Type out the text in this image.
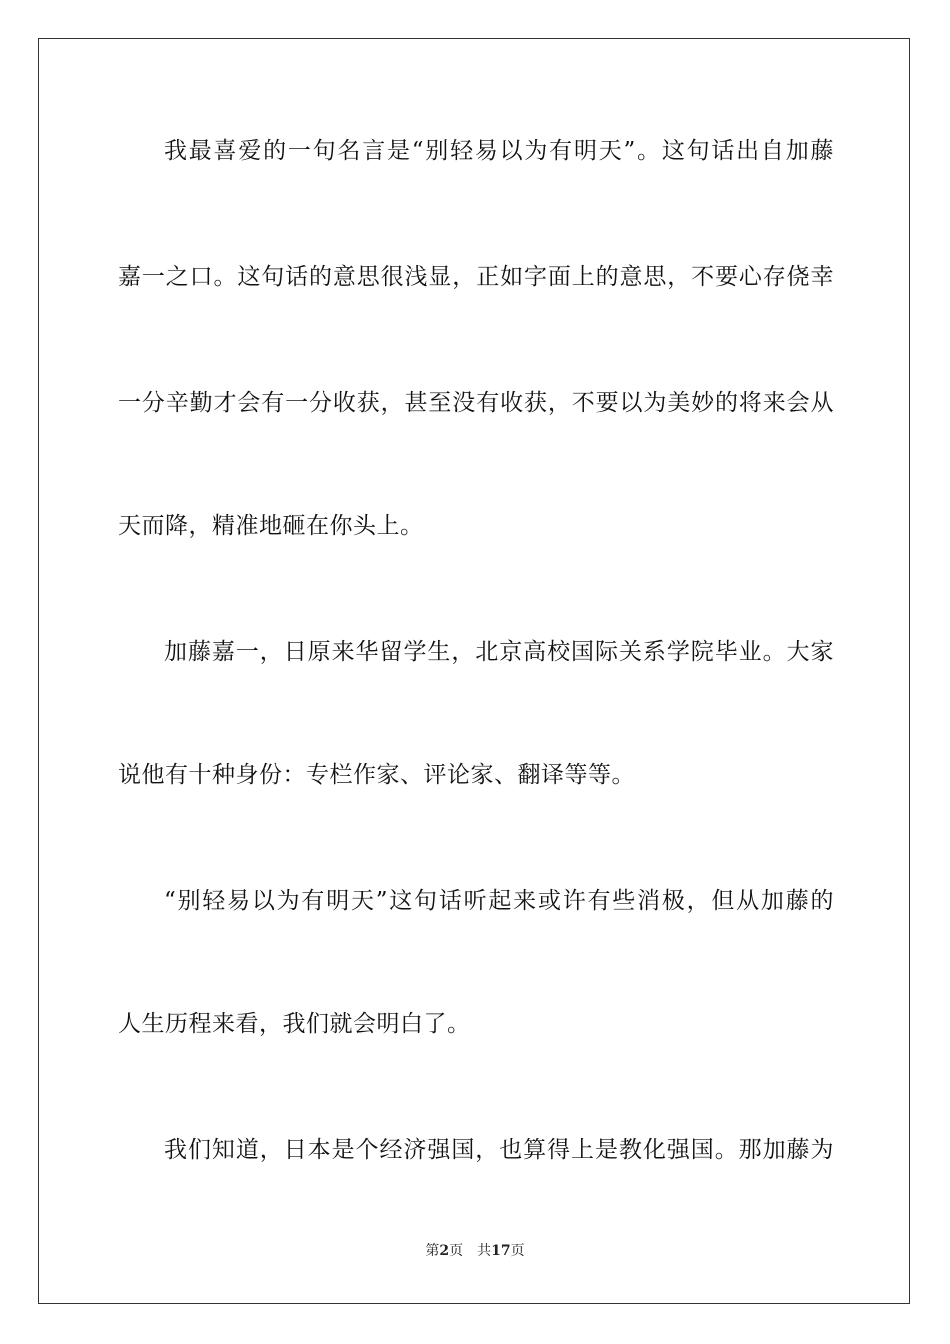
我最喜爱的一句名言是“别轻易以为有明天”。这句话出自加藤
嘉一之口。这句话的意思很浅显，正如字面上的意思，不要心存侥幸
一分辛勤才会有一分收获，甚至没有收获，不要以为美妙的将来会从
天而降，精准地砸在你头上。
加藤嘉一，日原来华留学生，北京高校国际关系学院毕业。大家
说他有十种身份：专栏作家、评论家、翻译等等。
“别轻易以为有明天”这句话听起来或许有些消极，但从加藤的
人生历程来看，我们就会明白了。
我们知道，日本是个经济强国，也算得上是教化强国。那加藤为
第2页 共17页
